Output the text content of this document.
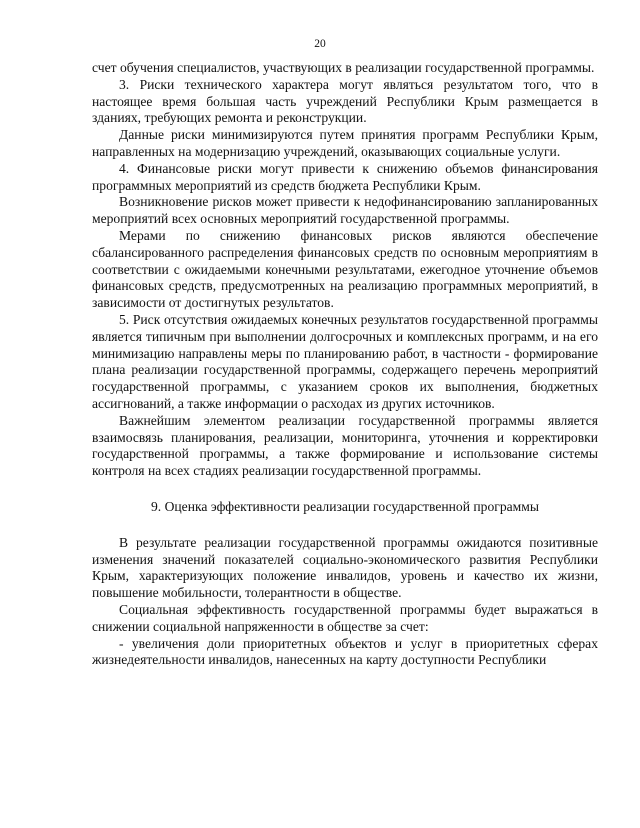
20

счет обучения специалистов, участвующих в реализации государственной программы.

3. Риски технического характера могут являться результатом того, что в настоящее время большая часть учреждений Республики Крым размещается в зданиях, требующих ремонта и реконструкции.

Данные риски минимизируются путем принятия программ Республики Крым, направленных на модернизацию учреждений, оказывающих социальные услуги.

4. Финансовые риски могут привести к снижению объемов финансирования программных мероприятий из средств бюджета Республики Крым.

Возникновение рисков может привести к недофинансированию запланированных мероприятий всех основных мероприятий государственной программы.

Мерами по снижению финансовых рисков являются обеспечение сбалансированного распределения финансовых средств по основным мероприятиям в соответствии с ожидаемыми конечными результатами, ежегодное уточнение объемов финансовых средств, предусмотренных на реализацию программных мероприятий, в зависимости от достигнутых результатов.

5. Риск отсутствия ожидаемых конечных результатов государственной программы является типичным при выполнении долгосрочных и комплексных программ, и на его минимизацию направлены меры по планированию работ, в частности - формирование плана реализации государственной программы, содержащего перечень мероприятий государственной программы, с указанием сроков их выполнения, бюджетных ассигнований, а также информации о расходах из других источников.

Важнейшим элементом реализации государственной программы является взаимосвязь планирования, реализации, мониторинга, уточнения и корректировки государственной программы, а также формирование и использование системы контроля на всех стадиях реализации государственной программы.

9. Оценка эффективности реализации государственной программы

В результате реализации государственной программы ожидаются позитивные изменения значений показателей социально-экономического развития Республики Крым, характеризующих положение инвалидов, уровень и качество их жизни, повышение мобильности, толерантности в обществе.

Социальная эффективность государственной программы будет выражаться в снижении социальной напряженности в обществе за счет:

- увеличения доли приоритетных объектов и услуг в приоритетных сферах жизнедеятельности инвалидов, нанесенных на карту доступности Республики
